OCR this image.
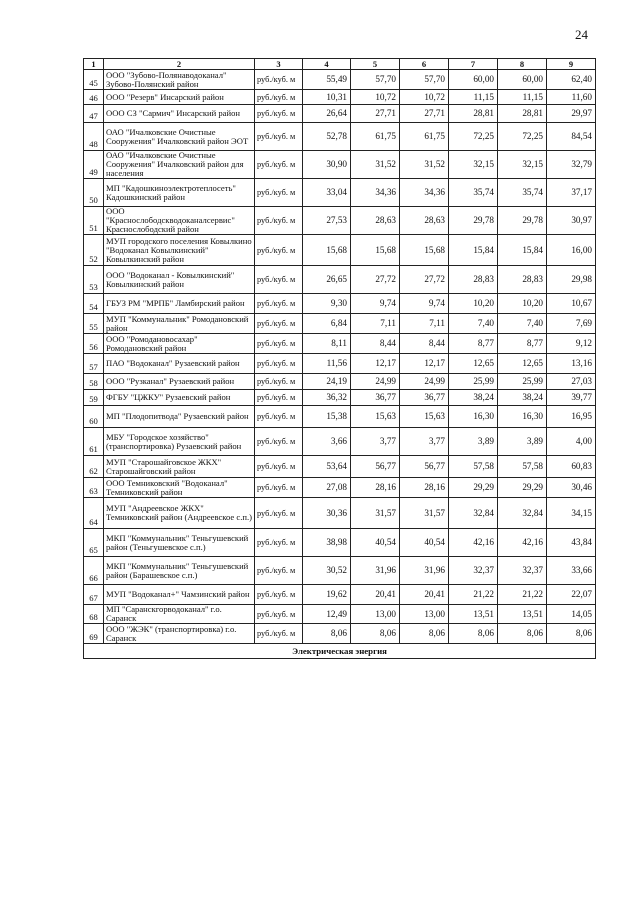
24
1	2	3	4	5	6	7	8	9
45	ООО "Зубово-Полянаводоканал" Зубово-Полянский район	руб./куб. м	55,49	57,70	57,70	60,00	60,00	62,40
46	ООО "Резерв" Инсарский район	руб./куб. м	10,31	10,72	10,72	11,15	11,15	11,60
47	ООО СЗ "Сармич" Инсарский район	руб./куб. м	26,64	27,71	27,71	28,81	28,81	29,97
48	ОАО "Ичалковские Очистные Сооружения" Ичалковский район ЭОТ	руб./куб. м	52,78	61,75	61,75	72,25	72,25	84,54
49	ОАО "Ичалковские Очистные Сооружения" Ичалковский район для населения	руб./куб. м	30,90	31,52	31,52	32,15	32,15	32,79
50	МП "Кадошкиноэлектротеплосеть" Кадошкинский район	руб./куб. м	33,04	34,36	34,36	35,74	35,74	37,17
51	ООО "Краснослободскводоканалсервис" Краснослободский район	руб./куб. м	27,53	28,63	28,63	29,78	29,78	30,97
52	МУП городского поселения Ковылкино "Водоканал Ковылкинский" Ковылкинский район	руб./куб. м	15,68	15,68	15,68	15,84	15,84	16,00
53	ООО "Водоканал - Ковылкинский" Ковылкинский район	руб./куб. м	26,65	27,72	27,72	28,83	28,83	29,98
54	ГБУЗ РМ "МРПБ" Ламбирский район	руб./куб. м	9,30	9,74	9,74	10,20	10,20	10,67
55	МУП "Коммунальник" Ромодановский район	руб./куб. м	6,84	7,11	7,11	7,40	7,40	7,69
56	ООО "Ромодановосахар" Ромодановский район	руб./куб. м	8,11	8,44	8,44	8,77	8,77	9,12
57	ПАО "Водоканал" Рузаевский район	руб./куб. м	11,56	12,17	12,17	12,65	12,65	13,16
58	ООО "Рузканал" Рузаевский район	руб./куб. м	24,19	24,99	24,99	25,99	25,99	27,03
59	ФГБУ "ЦЖКУ" Рузаевский район	руб./куб. м	36,32	36,77	36,77	38,24	38,24	39,77
60	МП "Плодопитвода" Рузаевский район	руб./куб. м	15,38	15,63	15,63	16,30	16,30	16,95
61	МБУ "Городское хозяйство" (транспортировка) Рузаевский район	руб./куб. м	3,66	3,77	3,77	3,89	3,89	4,00
62	МУП "Старошайговское ЖКХ" Старошайговский район	руб./куб. м	53,64	56,77	56,77	57,58	57,58	60,83
63	ООО Темниковский "Водоканал" Темниковский район	руб./куб. м	27,08	28,16	28,16	29,29	29,29	30,46
64	МУП "Андреевское ЖКХ" Темниковский район (Андреевское с.п.)	руб./куб. м	30,36	31,57	31,57	32,84	32,84	34,15
65	МКП "Коммунальник" Теньгушевский район (Теньгушевское с.п.)	руб./куб. м	38,98	40,54	40,54	42,16	42,16	43,84
66	МКП "Коммунальник" Теньгушевский район (Барашевское с.п.)	руб./куб. м	30,52	31,96	31,96	32,37	32,37	33,66
67	МУП "Водоканал+" Чамзинский район	руб./куб. м	19,62	20,41	20,41	21,22	21,22	22,07
68	МП "Саранскгорводоканал" г.о. Саранск	руб./куб. м	12,49	13,00	13,00	13,51	13,51	14,05
69	ООО "ЖЭК" (транспортировка) г.о. Саранск	руб./куб. м	8,06	8,06	8,06	8,06	8,06	8,06
Электрическая энергия								
